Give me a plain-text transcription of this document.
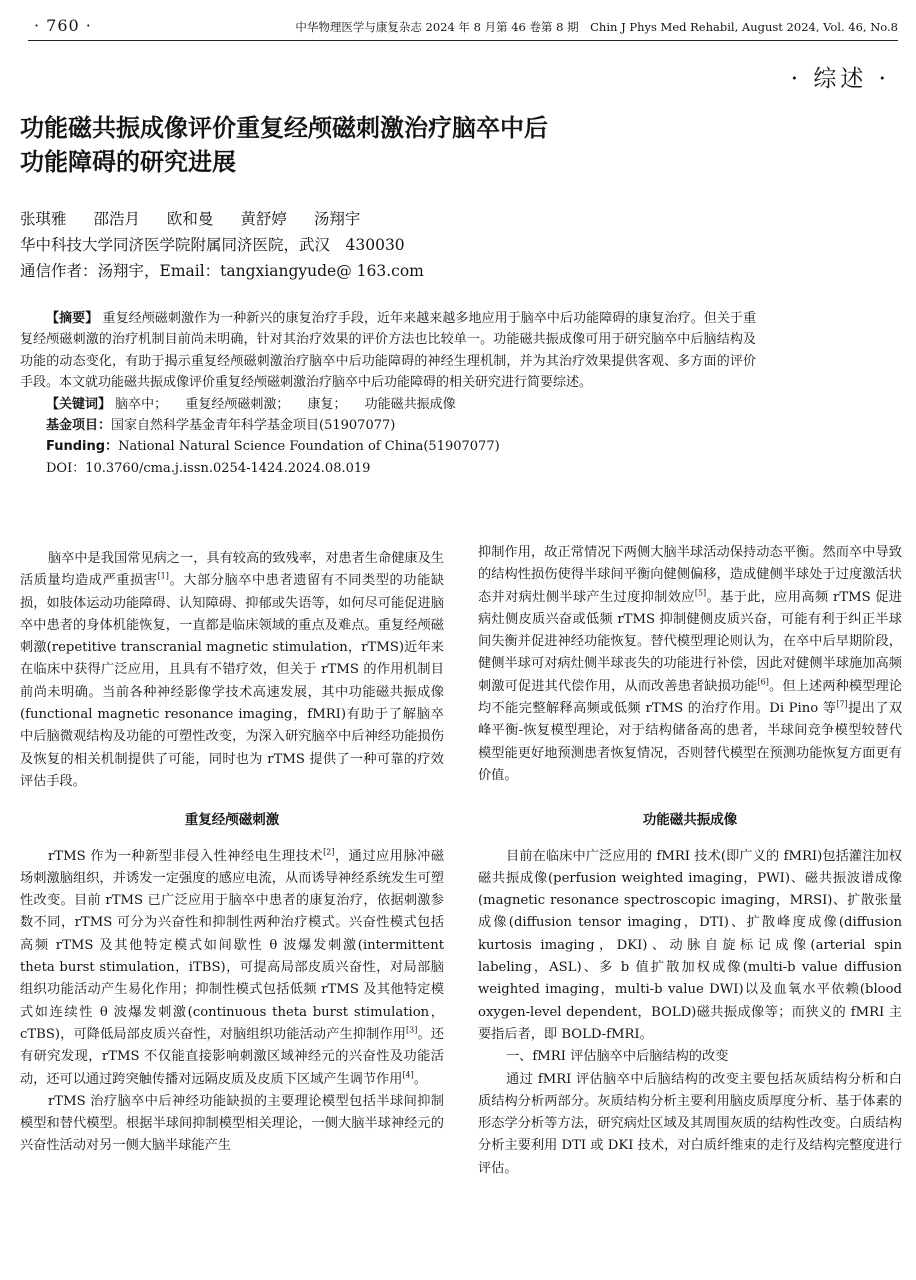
· 760 ·	中华物理医学与康复杂志 2024 年 8 月第 46 卷第 8 期　Chin J Phys Med Rehabil, August 2024, Vol. 46, No.8
· 综述 ·
功能磁共振成像评价重复经颅磁刺激治疗脑卒中后
功能障碍的研究进展
张琪雅 邵浩月 欧和曼 黄舒婷 汤翔宇
华中科技大学同济医学院附属同济医院，武汉　430030
通信作者：汤翔宇，Email：tangxiangyude@ 163.com

【摘要】 重复经颅磁刺激作为一种新兴的康复治疗手段，近年来越来越多地应用于脑卒中后功能障碍的康复治疗。但关于重复经颅磁刺激的治疗机制目前尚未明确，针对其治疗效果的评价方法也比较单一。功能磁共振成像可用于研究脑卒中后脑结构及功能的动态变化，有助于揭示重复经颅磁刺激治疗脑卒中后功能障碍的神经生理机制，并为其治疗效果提供客观、多方面的评价手段。本文就功能磁共振成像评价重复经颅磁刺激治疗脑卒中后功能障碍的相关研究进行简要综述。

【关键词】 脑卒中； 重复经颅磁刺激； 康复； 功能磁共振成像
基金项目：国家自然科学基金青年科学基金项目(51907077)
Funding：National Natural Science Foundation of China(51907077)
DOI：10.3760/cma.j.issn.0254-1424.2024.08.019

脑卒中是我国常见病之一，具有较高的致残率，对患者生命健康及生活质量均造成严重损害[1]。大部分脑卒中患者遗留有不同类型的功能缺损，如肢体运动功能障碍、认知障碍、抑郁或失语等，如何尽可能促进脑卒中患者的身体机能恢复，一直都是临床领域的重点及难点。重复经颅磁刺激(repetitive transcranial magnetic stimulation，rTMS)近年来在临床中获得广泛应用，且具有不错疗效，但关于 rTMS 的作用机制目前尚未明确。当前各种神经影像学技术高速发展，其中功能磁共振成像(functional magnetic resonance imaging，fMRI)有助于了解脑卒中后脑微观结构及功能的可塑性改变，为深入研究脑卒中后神经功能损伤及恢复的相关机制提供了可能，同时也为 rTMS 提供了一种可靠的疗效评估手段。

重复经颅磁刺激

rTMS 作为一种新型非侵入性神经电生理技术[2]，通过应用脉冲磁场刺激脑组织，并诱发一定强度的感应电流，从而诱导神经系统发生可塑性改变。目前 rTMS 已广泛应用于脑卒中患者的康复治疗，依据刺激参数不同，rTMS 可分为兴奋性和抑制性两种治疗模式。兴奋性模式包括高频 rTMS 及其他特定模式如间歇性 θ 波爆发刺激(intermittent theta burst stimulation，iTBS)，可提高局部皮质兴奋性，对局部脑组织功能活动产生易化作用；抑制性模式包括低频 rTMS 及其他特定模式如连续性 θ 波爆发刺激(continuous theta burst stimulation，cTBS)，可降低局部皮质兴奋性，对脑组织功能活动产生抑制作用[3]。还有研究发现，rTMS 不仅能直接影响刺激区域神经元的兴奋性及功能活动，还可以通过跨突触传播对远隔皮质及皮质下区域产生调节作用[4]。

rTMS 治疗脑卒中后神经功能缺损的主要理论模型包括半球间抑制模型和替代模型。根据半球间抑制模型相关理论，一侧大脑半球神经元的兴奋性活动对另一侧大脑半球能产生

抑制作用，故正常情况下两侧大脑半球活动保持动态平衡。然而卒中导致的结构性损伤使得半球间平衡向健侧偏移，造成健侧半球处于过度激活状态并对病灶侧半球产生过度抑制效应[5]。基于此，应用高频 rTMS 促进病灶侧皮质兴奋或低频 rTMS 抑制健侧皮质兴奋，可能有利于纠正半球间失衡并促进神经功能恢复。替代模型理论则认为，在卒中后早期阶段，健侧半球可对病灶侧半球丧失的功能进行补偿，因此对健侧半球施加高频刺激可促进其代偿作用，从而改善患者缺损功能[6]。但上述两种模型理论均不能完整解释高频或低频 rTMS 的治疗作用。Di Pino 等[7]提出了双峰平衡-恢复模型理论，对于结构储备高的患者，半球间竞争模型较替代模型能更好地预测患者恢复情况，否则替代模型在预测功能恢复方面更有价值。

功能磁共振成像

目前在临床中广泛应用的 fMRI 技术(即广义的 fMRI)包括灌注加权磁共振成像(perfusion weighted imaging，PWI)、磁共振波谱成像(magnetic resonance spectroscopic imaging，MRSI)、扩散张量成像(diffusion tensor imaging，DTI)、扩散峰度成像(diffusion kurtosis imaging，DKI)、动脉自旋标记成像(arterial spin labeling，ASL)、多 b 值扩散加权成像(multi-b value diffusion weighted imaging，multi-b value DWI)以及血氧水平依赖(blood oxygen-level dependent，BOLD)磁共振成像等；而狭义的 fMRI 主要指后者，即 BOLD-fMRI。

一、fMRI 评估脑卒中后脑结构的改变

通过 fMRI 评估脑卒中后脑结构的改变主要包括灰质结构分析和白质结构分析两部分。灰质结构分析主要利用脑皮质厚度分析、基于体素的形态学分析等方法，研究病灶区域及其周围灰质的结构性改变。白质结构分析主要利用 DTI 或 DKI 技术，对白质纤维束的走行及结构完整度进行评估。
